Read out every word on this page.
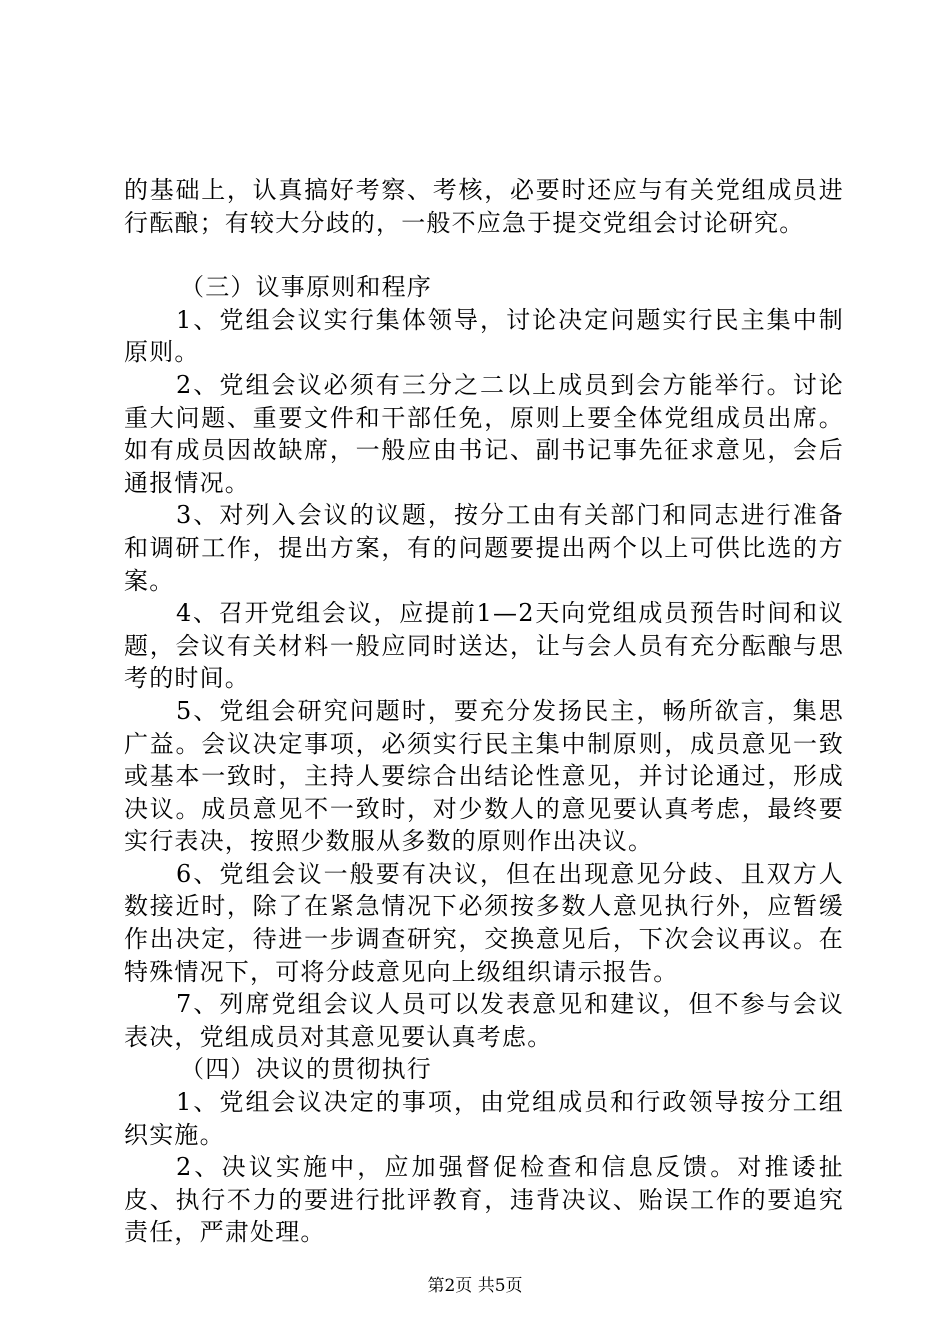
的基础上，认真搞好考察、考核，必要时还应与有关党组成员进行酝酿；有较大分歧的，一般不应急于提交党组会讨论研究。

（三）议事原则和程序

1、党组会议实行集体领导，讨论决定问题实行民主集中制原则。

2、党组会议必须有三分之二以上成员到会方能举行。讨论重大问题、重要文件和干部任免，原则上要全体党组成员出席。如有成员因故缺席，一般应由书记、副书记事先征求意见，会后通报情况。

3、对列入会议的议题，按分工由有关部门和同志进行准备和调研工作，提出方案，有的问题要提出两个以上可供比选的方案。

4、召开党组会议，应提前1—2天向党组成员预告时间和议题，会议有关材料一般应同时送达，让与会人员有充分酝酿与思考的时间。

5、党组会研究问题时，要充分发扬民主，畅所欲言，集思广益。会议决定事项，必须实行民主集中制原则，成员意见一致或基本一致时，主持人要综合出结论性意见，并讨论通过，形成决议。成员意见不一致时，对少数人的意见要认真考虑，最终要实行表决，按照少数服从多数的原则作出决议。

6、党组会议一般要有决议，但在出现意见分歧、且双方人数接近时，除了在紧急情况下必须按多数人意见执行外，应暂缓作出决定，待进一步调查研究，交换意见后，下次会议再议。在特殊情况下，可将分歧意见向上级组织请示报告。

7、列席党组会议人员可以发表意见和建议，但不参与会议表决，党组成员对其意见要认真考虑。

（四）决议的贯彻执行

1、党组会议决定的事项，由党组成员和行政领导按分工组织实施。

2、决议实施中，应加强督促检查和信息反馈。对推诿扯皮、执行不力的要进行批评教育，违背决议、贻误工作的要追究责任，严肃处理。

第2页 共5页
